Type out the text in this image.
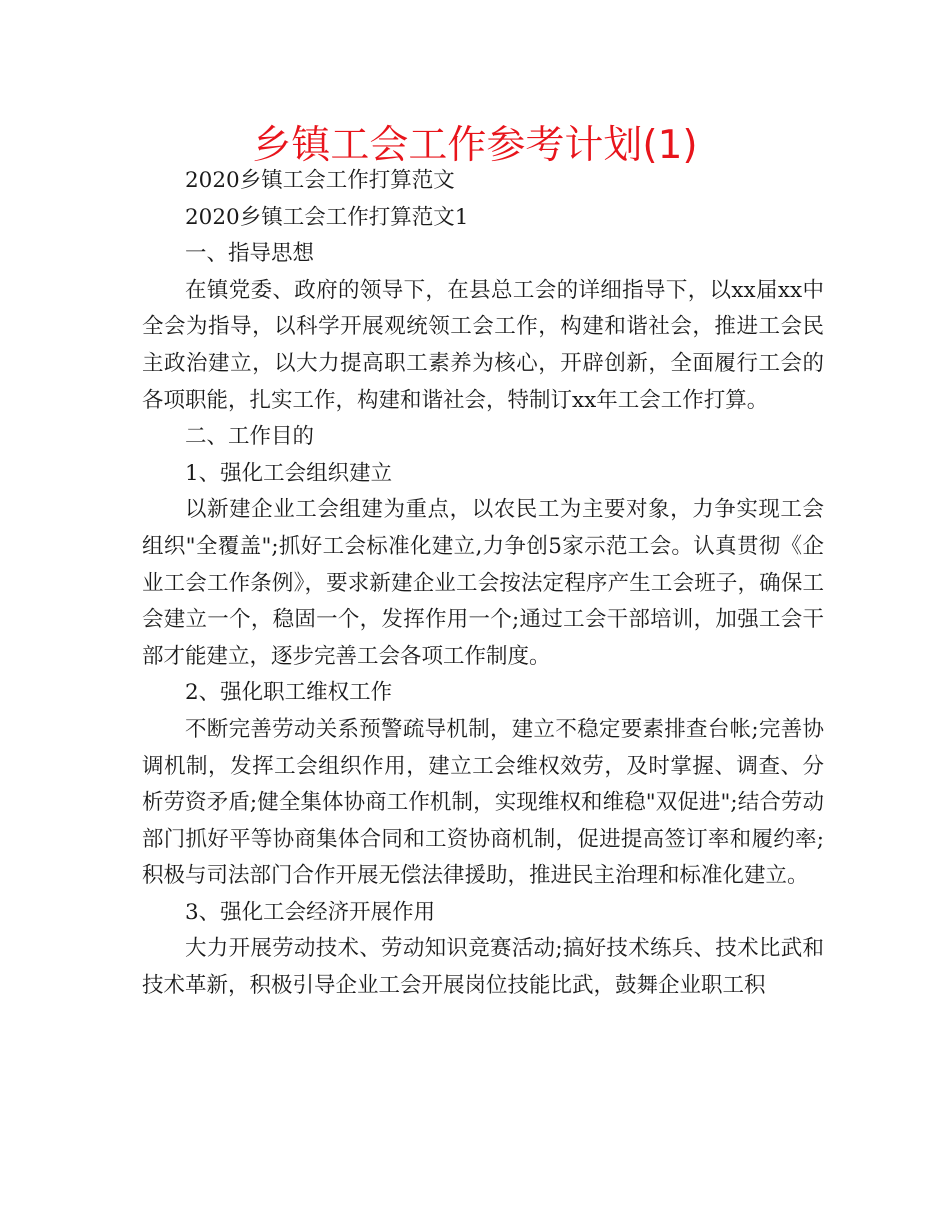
乡镇工会工作参考计划(1)

2020乡镇工会工作打算范文

2020乡镇工会工作打算范文1

一、指导思想

在镇党委、政府的领导下，在县总工会的详细指导下，以xx届xx中全会为指导，以科学开展观统领工会工作，构建和谐社会，推进工会民主政治建立，以大力提高职工素养为核心，开辟创新，全面履行工会的各项职能，扎实工作，构建和谐社会，特制订xx年工会工作打算。

二、工作目的

1、强化工会组织建立

以新建企业工会组建为重点，以农民工为主要对象，力争实现工会组织"全覆盖";抓好工会标准化建立,力争创5家示范工会。认真贯彻《企业工会工作条例》，要求新建企业工会按法定程序产生工会班子，确保工会建立一个，稳固一个，发挥作用一个;通过工会干部培训，加强工会干部才能建立，逐步完善工会各项工作制度。

2、强化职工维权工作

不断完善劳动关系预警疏导机制，建立不稳定要素排查台帐;完善协调机制，发挥工会组织作用，建立工会维权效劳，及时掌握、调查、分析劳资矛盾;健全集体协商工作机制，实现维权和维稳"双促进";结合劳动部门抓好平等协商集体合同和工资协商机制，促进提高签订率和履约率;积极与司法部门合作开展无偿法律援助，推进民主治理和标准化建立。

3、强化工会经济开展作用

大力开展劳动技术、劳动知识竞赛活动;搞好技术练兵、技术比武和技术革新，积极引导企业工会开展岗位技能比武，鼓舞企业职工积
